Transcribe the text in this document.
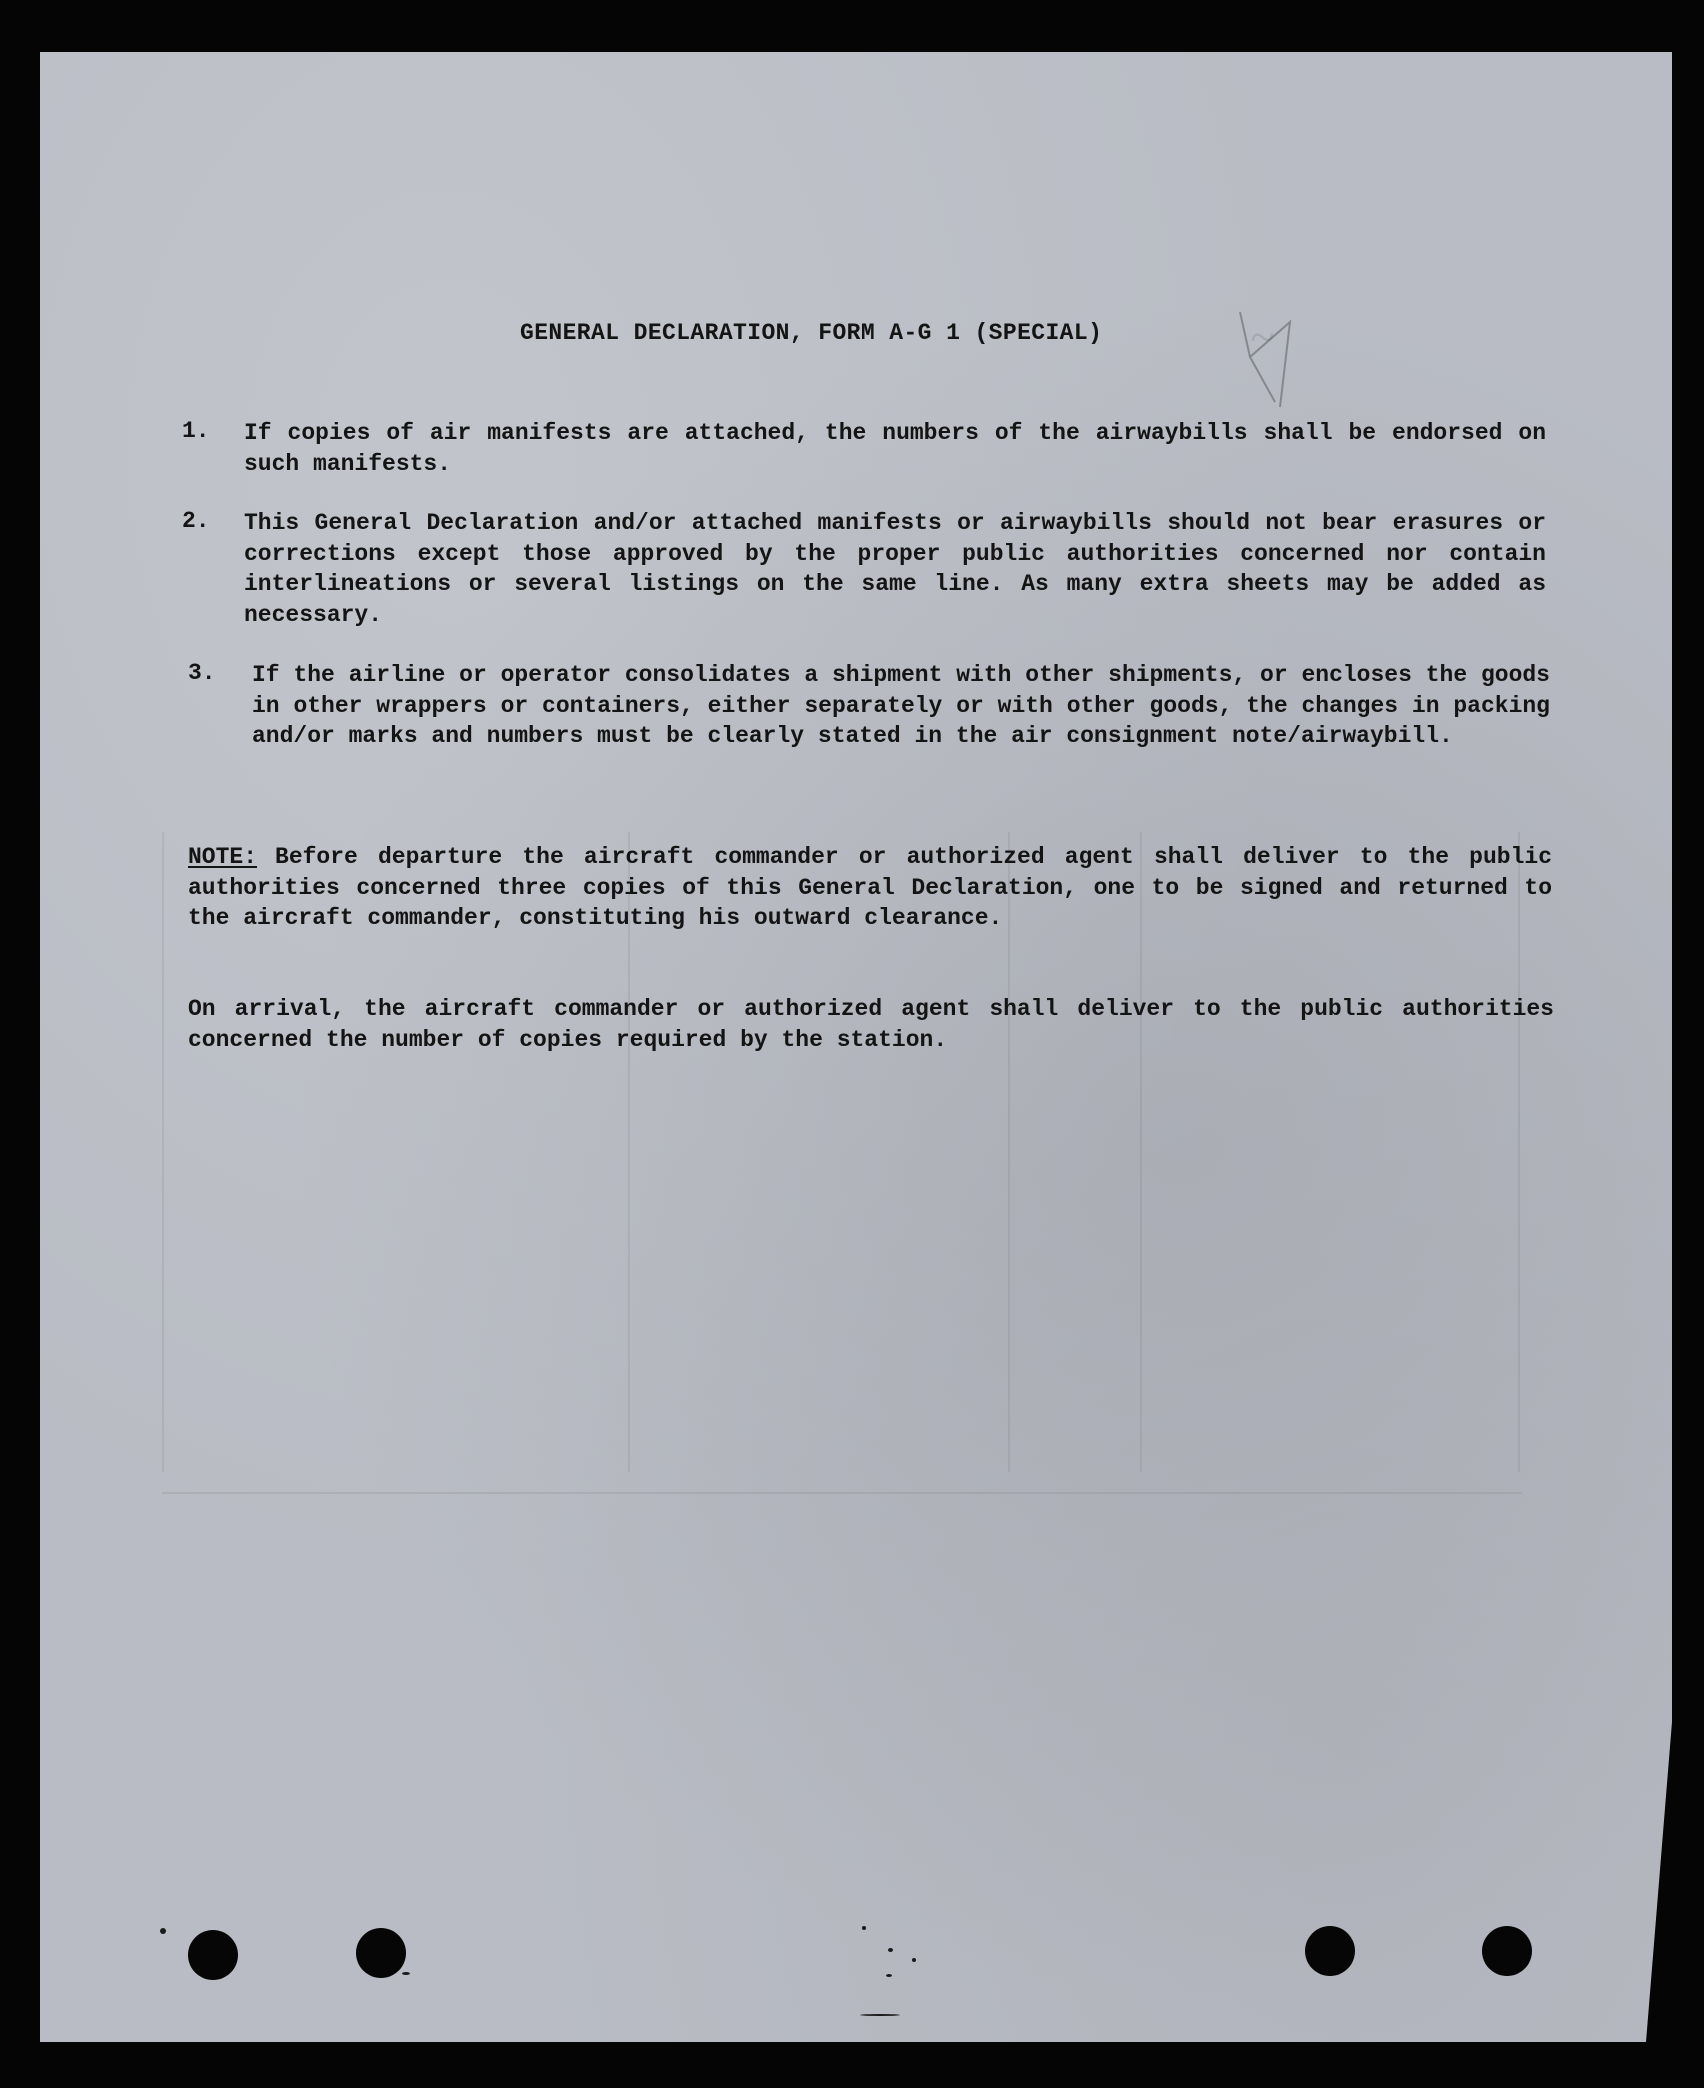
~
GENERAL DECLARATION, FORM A-G 1 (SPECIAL)
1. If copies of air manifests are attached, the numbers of the airwaybills shall be endorsed on such manifests.
2. This General Declaration and/or attached manifests or airwaybills should not bear erasures or corrections except those approved by the proper public authorities concerned nor contain interlineations or several listings on the same line. As many extra sheets may be added as necessary.
3. If the airline or operator consolidates a shipment with other shipments, or encloses the goods in other wrappers or containers, either separately or with other goods, the changes in packing and/or marks and numbers must be clearly stated in the air consignment note/airwaybill.
NOTE: Before departure the aircraft commander or authorized agent shall deliver to the public authorities concerned three copies of this General Declaration, one to be signed and returned to the aircraft commander, constituting his outward clearance.
On arrival, the aircraft commander or authorized agent shall deliver to the public authorities concerned the number of copies required by the station.
